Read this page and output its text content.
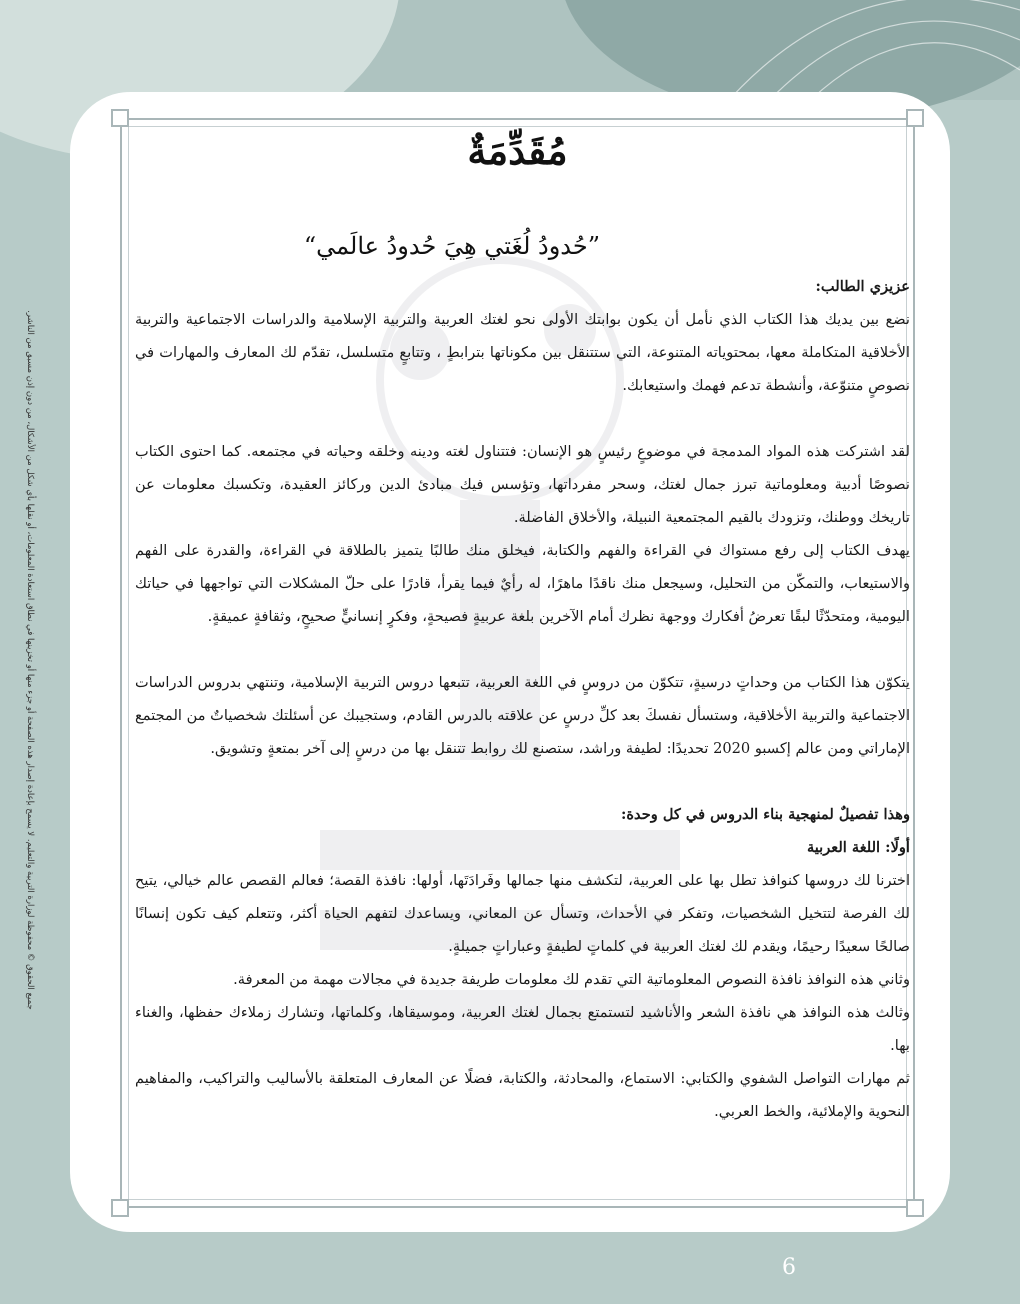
مُقَدِّمَةٌ
”حُدودُ لُغَتي هِيَ حُدودُ عالَمي“

عزيزي الطالب:

نضع بين يديك هذا الكتاب الذي نأمل أن يكون بوابتك الأولى نحو لغتك العربية والتربية الإسلامية والدراسات الاجتماعية والتربية الأخلاقية المتكاملة معها، بمحتوياته المتنوعة، التي ستتنقل بين مكوناتها بترابطٍ ، وتتابعٍ متسلسل، تقدّم لك المعارف والمهارات في نصوصٍ متنوّعة، وأنشطة تدعم فهمك واستيعابك.

لقد اشتركت هذه المواد المدمجة في موضوعٍ رئيسٍ هو الإنسان: فتتناول لغته ودينه وخلقه وحياته في مجتمعه. كما احتوى الكتاب نصوصًا أدبية ومعلوماتية تبرز جمال لغتك، وسحر مفرداتها، وتؤسس فيك مبادئ الدين وركائز العقيدة، وتكسبك معلومات عن تاريخك ووطنك، وتزودك بالقيم المجتمعية النبيلة، والأخلاق الفاضلة.

يهدف الكتاب إلى رفع مستواك في القراءة والفهم والكتابة، فيخلق منك طالبًا يتميز بالطلاقة في القراءة، والقدرة على الفهم والاستيعاب، والتمكّن من التحليل، وسيجعل منك ناقدًا ماهرًا، له رأيٌ فيما يقرأ، قادرًا على حلّ المشكلات التي تواجهها في حياتك اليومية، ومتحدّثًا لبقًا تعرضُ أفكارك ووجهة نظرك أمام الآخرين بلغة عربيةٍ فصيحةٍ، وفكرٍ إنسانيٍّ صحيحٍ، وثقافةٍ عميقةٍ.

يتكوّن هذا الكتاب من وحداتٍ درسيةٍ، تتكوّن من دروسٍ في اللغة العربية، تتبعها دروس التربية الإسلامية، وتنتهي بدروس الدراسات الاجتماعية والتربية الأخلاقية، وستسأل نفسكَ بعد كلِّ درسٍ عن علاقته بالدرس القادم، وستجيبك عن أسئلتك شخصياتٌ من المجتمع الإماراتي ومن عالم إكسبو 2020 تحديدًا: لطيفة وراشد، ستصنع لك روابط تتنقل بها من درسٍ إلى آخر بمتعةٍ وتشويق.

وهذا تفصيلٌ لمنهجية بناء الدروس في كل وحدة:

أولًا: اللغة العربية

اخترنا لك دروسها كنوافذ تطل بها على العربية، لتكشف منها جمالها وفَرادَتَها، أولها: نافذة القصة؛ فعالم القصص عالم خيالي، يتيح لك الفرصة لتتخيل الشخصيات، وتفكر في الأحداث، وتسأل عن المعاني، ويساعدك لتفهم الحياة أكثر، وتتعلم كيف تكون إنسانًا صالحًا سعيدًا رحيمًا، ويقدم لك لغتك العربية في كلماتٍ لطيفةٍ وعباراتٍ جميلةٍ.

وثاني هذه النوافذ نافذة النصوص المعلوماتية التي تقدم لك معلومات طريفة جديدة في مجالات مهمة من المعرفة.

وثالث هذه النوافذ هي نافذة الشعر والأناشيد لتستمتع بجمال لغتك العربية، وموسيقاها، وكلماتها، وتشارك زملاءك حفظها، والغناء بها.

ثم مهارات التواصل الشفوي والكتابي: الاستماع، والمحادثة، والكتابة، فضلًا عن المعارف المتعلقة بالأساليب والتراكيب، والمفاهيم النحوية والإملائية، والخط العربي.

جميع الحقوق © محفوظة لوزارة التربية والتعليم. لا يسمح بإعادة إصدار هذه الصفحة أو جزء منها أو تخزينها في نطاق استعادة المعلومات، أو نقلها بأي شكل من الأشكال، من دون إذن مسبق من الناشر.
6
